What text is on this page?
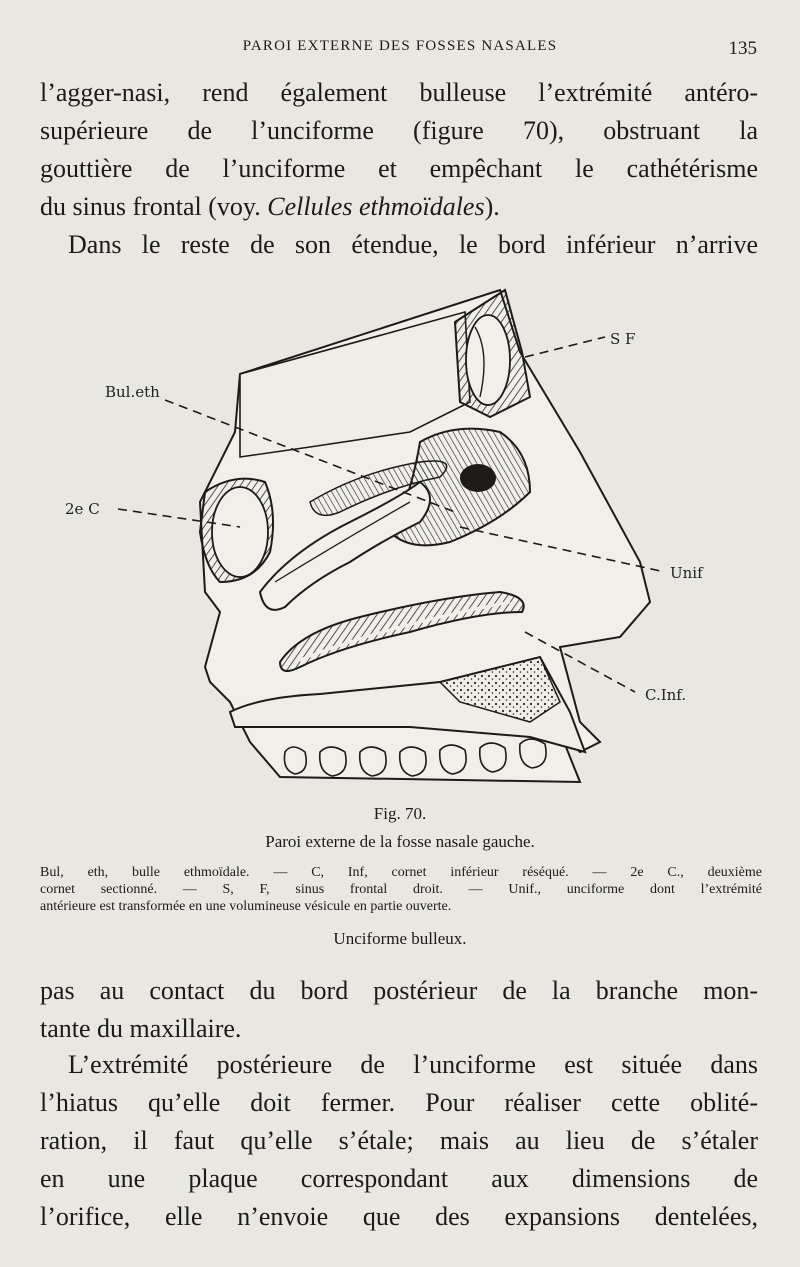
PAROI EXTERNE DES FOSSES NASALES	135
l’agger-nasi, rend également bulleuse l’extrémité antéro-
supérieure de l’unciforme (figure 70), obstruant la
gouttière de l’unciforme et empêchant le cathétérisme
du sinus frontal (voy. Cellules ethmoïdales).
Dans le reste de son étendue, le bord inférieur n’arrive
S F
Bul.eth
2e C
Unif
C.Inf.
Fig. 70.
Paroi externe de la fosse nasale gauche.
Bul, eth, bulle ethmoïdale. — C, Inf, cornet inférieur réséqué. — 2e C., deuxième
cornet sectionné. — S, F, sinus frontal droit. — Unif., unciforme dont l’extrémité
antérieure est transformée en une volumineuse vésicule en partie ouverte.
Unciforme bulleux.
pas au contact du bord postérieur de la branche mon-
tante du maxillaire.
L’extrémité postérieure de l’unciforme est située dans
l’hiatus qu’elle doit fermer. Pour réaliser cette oblité-
ration, il faut qu’elle s’étale; mais au lieu de s’étaler
en une plaque correspondant aux dimensions de
l’orifice, elle n’envoie que des expansions dentelées,
